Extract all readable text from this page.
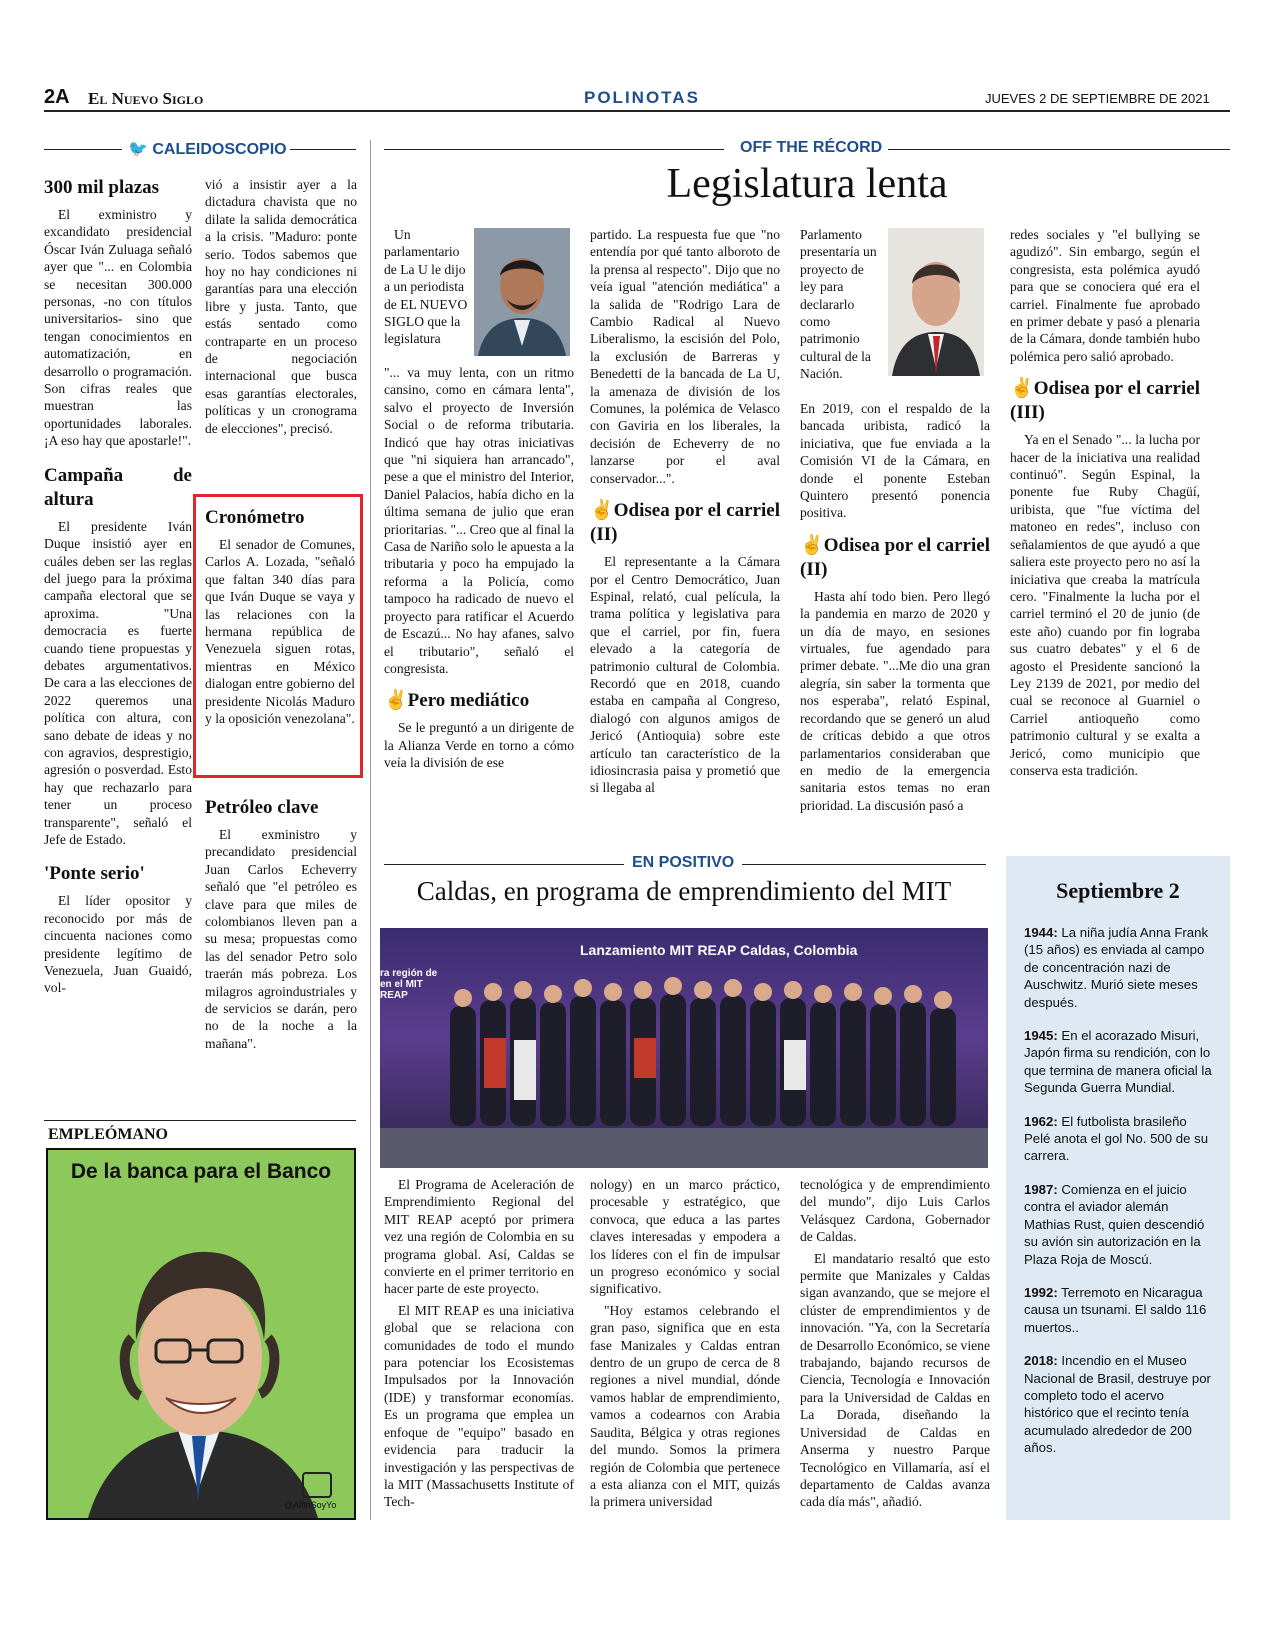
2A El Nuevo Siglo	POLINOTAS	JUEVES 2 DE SEPTIEMBRE DE 2021
🐦 CALEIDOSCOPIO
300 mil plazas

El exministro y excandidato presidencial Óscar Iván Zuluaga señaló ayer que "... en Colombia se necesitan 300.000 personas, -no con títulos universitarios- sino que tengan conocimientos en automatización, en desarrollo o programación. Son cifras reales que muestran las oportunidades laborales. ¡A eso hay que apostarle!".

Campaña de altura

El presidente Iván Duque insistió ayer en cuáles deben ser las reglas del juego para la próxima campaña electoral que se aproxima. "Una democracia es fuerte cuando tiene propuestas y debates argumentativos. De cara a las elecciones de 2022 queremos una política con altura, con sano debate de ideas y no con agravios, desprestigio, agresión o posverdad. Esto hay que rechazarlo para tener un proceso transparente", señaló el Jefe de Estado.

'Ponte serio'

El líder opositor y reconocido por más de cincuenta naciones como presidente legítimo de Venezuela, Juan Guaidó, vol-

vió a insistir ayer a la dictadura chavista que no dilate la salida democrática a la crisis. "Maduro: ponte serio. Todos sabemos que hoy no hay condiciones ni garantías para una elección libre y justa. Tanto, que estás sentado como contraparte en un proceso de negociación internacional que busca esas garantías electorales, políticas y un cronograma de elecciones", precisó.

Cronómetro

El senador de Comunes, Carlos A. Lozada, "señaló que faltan 340 días para que Iván Duque se vaya y las relaciones con la hermana república de Venezuela siguen rotas, mientras en México dialogan entre gobierno del presidente Nicolás Maduro y la oposición venezolana".

Petróleo clave

El exministro y precandidato presidencial Juan Carlos Echeverry señaló que "el petróleo es clave para que miles de colombianos lleven pan a su mesa; propuestas como las del senador Petro solo traerán más pobreza. Los milagros agroindustriales y de servicios se darán, pero no de la noche a la mañana".

EMPLEÓMANO
De la banca para el Banco
@AlfinSoyYo
OFF THE RÉCORD
Legislatura lenta

Un parlamentario de La U le dijo a un periodista de EL NUEVO SIGLO que la legislatura

"... va muy lenta, con un ritmo cansino, como en cámara lenta", salvo el proyecto de Inversión Social o de reforma tributaria. Indicó que hay otras iniciativas que "ni siquiera han arrancado", pese a que el ministro del Interior, Daniel Palacios, había dicho en la última semana de julio que eran prioritarias. "... Creo que al final la Casa de Nariño solo le apuesta a la tributaria y poco ha empujado la reforma a la Policía, como tampoco ha radicado de nuevo el proyecto para ratificar el Acuerdo de Escazú... No hay afanes, salvo el tributario", señaló el congresista.

✌Pero mediático

Se le preguntó a un dirigente de la Alianza Verde en torno a cómo veía la división de ese

partido. La respuesta fue que "no entendía por qué tanto alboroto de la prensa al respecto". Dijo que no veía igual "atención mediática" a la salida de "Rodrigo Lara de Cambio Radical al Nuevo Liberalismo, la escisión del Polo, la exclusión de Barreras y Benedetti de la bancada de La U, la amenaza de división de los Comunes, la polémica de Velasco con Gaviria en los liberales, la decisión de Echeverry de no lanzarse por el aval conservador...".

✌Odisea por el carriel (II)

El representante a la Cámara por el Centro Democrático, Juan Espinal, relató, cual película, la trama política y legislativa para que el carriel, por fin, fuera elevado a la categoría de patrimonio cultural de Colombia. Recordó que en 2018, cuando estaba en campaña al Congreso, dialogó con algunos amigos de Jericó (Antioquia) sobre este artículo tan característico de la idiosincrasia paisa y prometió que si llegaba al

Parlamento presentaría un proyecto de ley para declararlo como patrimonio cultural de la Nación.

En 2019, con el respaldo de la bancada uribista, radicó la iniciativa, que fue enviada a la Comisión VI de la Cámara, en donde el ponente Esteban Quintero presentó ponencia positiva.

✌Odisea por el carriel (II)

Hasta ahí todo bien. Pero llegó la pandemia en marzo de 2020 y un día de mayo, en sesiones virtuales, fue agendado para primer debate. "...Me dio una gran alegría, sin saber la tormenta que nos esperaba", relató Espinal, recordando que se generó un alud de críticas debido a que otros parlamentarios consideraban que en medio de la emergencia sanitaria estos temas no eran prioridad. La discusión pasó a

redes sociales y "el bullying se agudizó". Sin embargo, según el congresista, esta polémica ayudó para que se conociera qué era el carriel. Finalmente fue aprobado en primer debate y pasó a plenaria de la Cámara, donde también hubo polémica pero salió aprobado.

✌Odisea por el carriel (III)

Ya en el Senado "... la lucha por hacer de la iniciativa una realidad continuó". Según Espinal, la ponente fue Ruby Chagüí, uribista, que "fue víctima del matoneo en redes", incluso con señalamientos de que ayudó a que saliera este proyecto pero no así la iniciativa que creaba la matrícula cero. "Finalmente la lucha por el carriel terminó el 20 de junio (de este año) cuando por fin lograba sus cuatro debates" y el 6 de agosto el Presidente sancionó la Ley 2139 de 2021, por medio del cual se reconoce al Guarniel o Carriel antioqueño como patrimonio cultural y se exalta a Jericó, como municipio que conserva esta tradición.

EN POSITIVO
Caldas, en programa de emprendimiento del MIT
Lanzamiento MIT REAP Caldas, Colombia
ra región de en el MIT REAP

El Programa de Aceleración de Emprendimiento Regional del MIT REAP aceptó por primera vez una región de Colombia en su programa global. Así, Caldas se convierte en el primer territorio en hacer parte de este proyecto.

El MIT REAP es una iniciativa global que se relaciona con comunidades de todo el mundo para potenciar los Ecosistemas Impulsados por la Innovación (IDE) y transformar economías. Es un programa que emplea un enfoque de "equipo" basado en evidencia para traducir la investigación y las perspectivas de la MIT (Massachusetts Institute of Tech-

nology) en un marco práctico, procesable y estratégico, que convoca, que educa a las partes claves interesadas y empodera a los líderes con el fin de impulsar un progreso económico y social significativo.

"Hoy estamos celebrando el gran paso, significa que en esta fase Manizales y Caldas entran dentro de un grupo de cerca de 8 regiones a nivel mundial, dónde vamos hablar de emprendimiento, vamos a codearnos con Arabia Saudita, Bélgica y otras regiones del mundo. Somos la primera región de Colombia que pertenece a esta alianza con el MIT, quizás la primera universidad

tecnológica y de emprendimiento del mundo", dijo Luis Carlos Velásquez Cardona, Gobernador de Caldas.

El mandatario resaltó que esto permite que Manizales y Caldas sigan avanzando, que se mejore el clúster de emprendimientos y de innovación. "Ya, con la Secretaría de Desarrollo Económico, se viene trabajando, bajando recursos de Ciencia, Tecnología e Innovación para la Universidad de Caldas en La Dorada, diseñando la Universidad de Caldas en Anserma y nuestro Parque Tecnológico en Villamaría, así el departamento de Caldas avanza cada día más", añadió.

Septiembre 2
1944: La niña judía Anna Frank (15 años) es enviada al campo de concentración nazi de Auschwitz. Murió siete meses después.
1945: En el acorazado Misuri, Japón firma su rendición, con lo que termina de manera oficial la Segunda Guerra Mundial.
1962: El futbolista brasileño Pelé anota el gol No. 500 de su carrera.
1987: Comienza en el juicio contra el aviador alemán Mathias Rust, quien descendió su avión sin autorización en la Plaza Roja de Moscú.
1992: Terremoto en Nicaragua causa un tsunami. El saldo 116 muertos..
2018: Incendio en el Museo Nacional de Brasil, destruye por completo todo el acervo histórico que el recinto tenía acumulado alrededor de 200 años.
